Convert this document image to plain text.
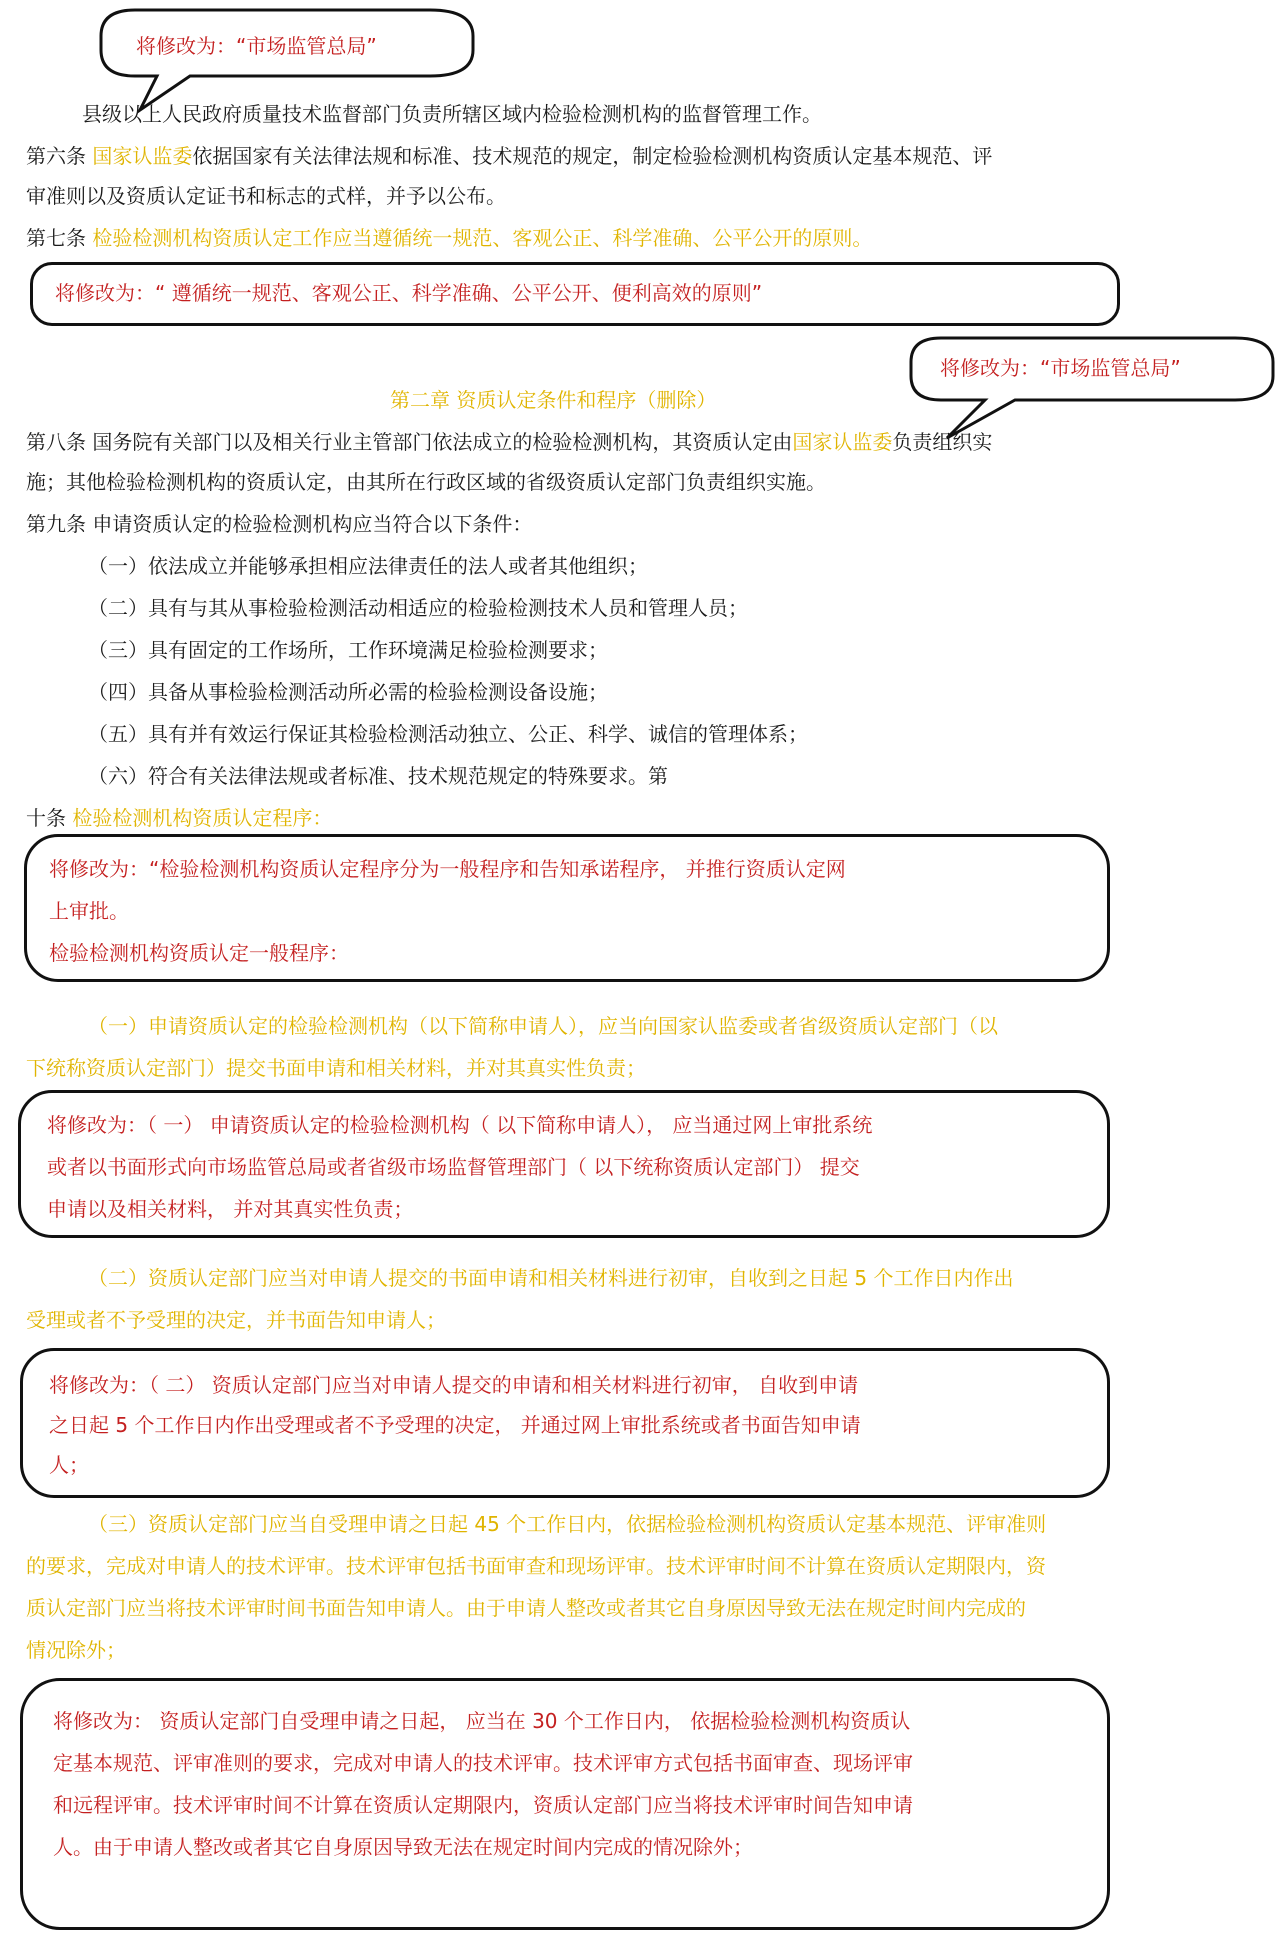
将修改为：“市场监管总局”
县级以上人民政府质量技术监督部门负责所辖区域内检验检测机构的监督管理工作。
第六条 国家认监委依据国家有关法律法规和标准、技术规范的规定，制定检验检测机构资质认定基本规范、评
审准则以及资质认定证书和标志的式样，并予以公布。
第七条 检验检测机构资质认定工作应当遵循统一规范、客观公正、科学准确、公平公开的原则。
将修改为：“ 遵循统一规范、客观公正、科学准确、公平公开、便利高效的原则”
将修改为：“市场监管总局”
第二章 资质认定条件和程序（删除）
第八条 国务院有关部门以及相关行业主管部门依法成立的检验检测机构，其资质认定由国家认监委负责组织实
施；其他检验检测机构的资质认定，由其所在行政区域的省级资质认定部门负责组织实施。
第九条 申请资质认定的检验检测机构应当符合以下条件：
（一）依法成立并能够承担相应法律责任的法人或者其他组织；
（二）具有与其从事检验检测活动相适应的检验检测技术人员和管理人员；
（三）具有固定的工作场所，工作环境满足检验检测要求；
（四）具备从事检验检测活动所必需的检验检测设备设施；
（五）具有并有效运行保证其检验检测活动独立、公正、科学、诚信的管理体系；
（六）符合有关法律法规或者标准、技术规范规定的特殊要求。第
十条 检验检测机构资质认定程序：
将修改为：“检验检测机构资质认定程序分为一般程序和告知承诺程序， 并推行资质认定网
上审批。
检验检测机构资质认定一般程序：
（一）申请资质认定的检验检测机构（以下简称申请人），应当向国家认监委或者省级资质认定部门（以
下统称资质认定部门）提交书面申请和相关材料，并对其真实性负责；
将修改为：（ 一） 申请资质认定的检验检测机构（ 以下简称申请人）， 应当通过网上审批系统
或者以书面形式向市场监管总局或者省级市场监督管理部门（ 以下统称资质认定部门） 提交
申请以及相关材料， 并对其真实性负责；
（二）资质认定部门应当对申请人提交的书面申请和相关材料进行初审，自收到之日起 5 个工作日内作出
受理或者不予受理的决定，并书面告知申请人；
将修改为：（ 二） 资质认定部门应当对申请人提交的申请和相关材料进行初审， 自收到申请
之日起 5 个工作日内作出受理或者不予受理的决定， 并通过网上审批系统或者书面告知申请
人；
（三）资质认定部门应当自受理申请之日起 45 个工作日内，依据检验检测机构资质认定基本规范、评审准则
的要求，完成对申请人的技术评审。技术评审包括书面审查和现场评审。技术评审时间不计算在资质认定期限内，资
质认定部门应当将技术评审时间书面告知申请人。由于申请人整改或者其它自身原因导致无法在规定时间内完成的
情况除外；
将修改为： 资质认定部门自受理申请之日起， 应当在 30 个工作日内， 依据检验检测机构资质认
定基本规范、评审准则的要求，完成对申请人的技术评审。技术评审方式包括书面审查、现场评审
和远程评审。技术评审时间不计算在资质认定期限内，资质认定部门应当将技术评审时间告知申请
人。由于申请人整改或者其它自身原因导致无法在规定时间内完成的情况除外；
